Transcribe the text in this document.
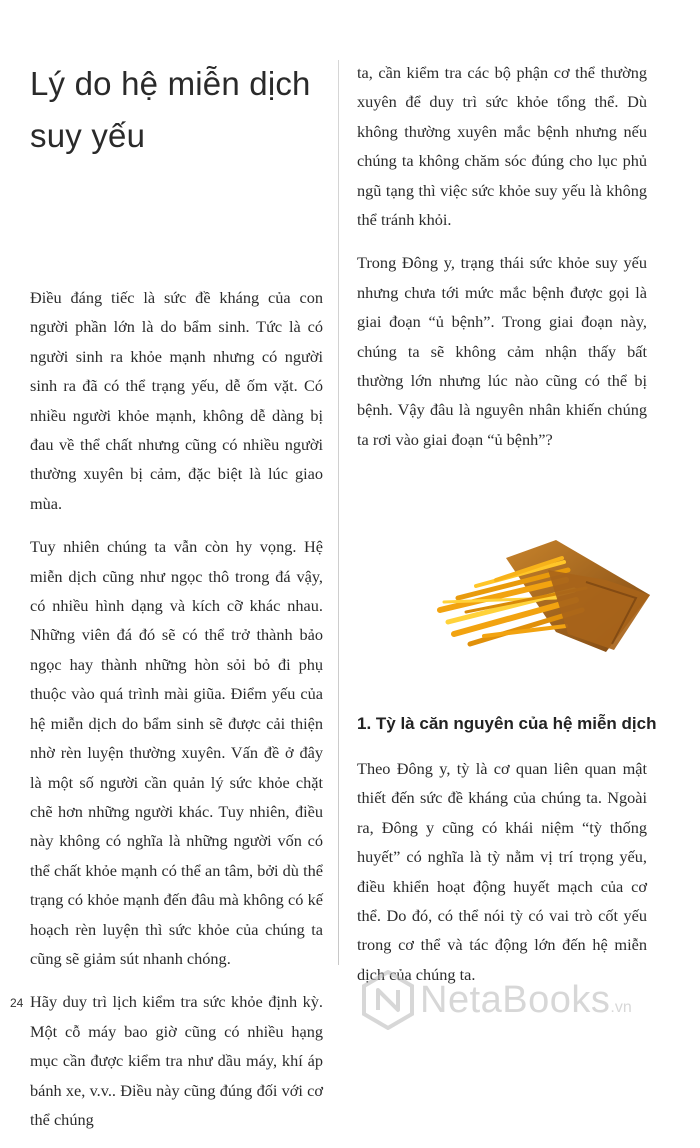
Lý do hệ miễn dịch suy yếu

Điều đáng tiếc là sức đề kháng của con người phần lớn là do bẩm sinh. Tức là có người sinh ra khỏe mạnh nhưng có người sinh ra đã có thể trạng yếu, dễ ốm vặt. Có nhiều người khỏe mạnh, không dễ dàng bị đau về thể chất nhưng cũng có nhiều người thường xuyên bị cảm, đặc biệt là lúc giao mùa.

Tuy nhiên chúng ta vẫn còn hy vọng. Hệ miễn dịch cũng như ngọc thô trong đá vậy, có nhiều hình dạng và kích cỡ khác nhau. Những viên đá đó sẽ có thể trở thành bảo ngọc hay thành những hòn sỏi bỏ đi phụ thuộc vào quá trình mài giũa. Điểm yếu của hệ miễn dịch do bẩm sinh sẽ được cải thiện nhờ rèn luyện thường xuyên. Vấn đề ở đây là một số người cần quản lý sức khỏe chặt chẽ hơn những người khác. Tuy nhiên, điều này không có nghĩa là những người vốn có thể chất khỏe mạnh có thể an tâm, bởi dù thể trạng có khỏe mạnh đến đâu mà không có kế hoạch rèn luyện thì sức khỏe của chúng ta cũng sẽ giảm sút nhanh chóng.

Hãy duy trì lịch kiểm tra sức khỏe định kỳ. Một cỗ máy bao giờ cũng có nhiều hạng mục cần được kiểm tra như dầu máy, khí áp bánh xe, v.v.. Điều này cũng đúng đối với cơ thể chúng

ta, cần kiểm tra các bộ phận cơ thể thường xuyên để duy trì sức khỏe tổng thể. Dù không thường xuyên mắc bệnh nhưng nếu chúng ta không chăm sóc đúng cho lục phủ ngũ tạng thì việc sức khỏe suy yếu là không thể tránh khỏi.

Trong Đông y, trạng thái sức khỏe suy yếu nhưng chưa tới mức mắc bệnh được gọi là giai đoạn “ủ bệnh”. Trong giai đoạn này, chúng ta sẽ không cảm nhận thấy bất thường lớn nhưng lúc nào cũng có thể bị bệnh. Vậy đâu là nguyên nhân khiến chúng ta rơi vào giai đoạn “ủ bệnh”?

1. Tỳ là căn nguyên của hệ miễn dịch

Theo Đông y, tỳ là cơ quan liên quan mật thiết đến sức đề kháng của chúng ta. Ngoài ra, Đông y cũng có khái niệm “tỳ thống huyết” có nghĩa là tỳ nằm vị trí trọng yếu, điều khiển hoạt động huyết mạch của cơ thể. Do đó, có thể nói tỳ có vai trò cốt yếu trong cơ thể và tác động lớn đến hệ miễn dịch của chúng ta.

24	NetaBooks.vn
